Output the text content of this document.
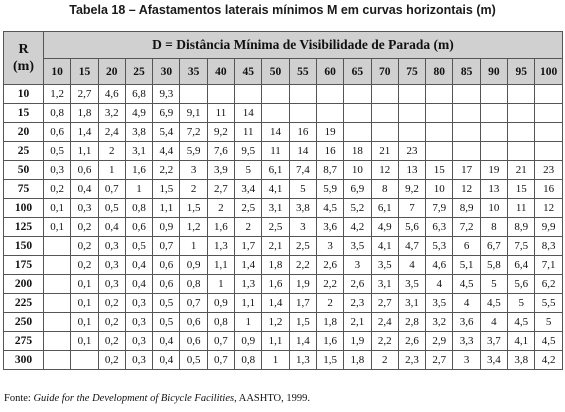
Tabela 18 – Afastamentos laterais mínimos M em curvas horizontais (m)
R
(m)	D = Distância Mínima de Visibilidade de Parada (m)																		
	10	15	20	25	30	35	40	45	50	55	60	65	70	75	80	85	90	95	100
10	1,2	2,7	4,6	6,8	9,3														
15	0,8	1,8	3,2	4,9	6,9	9,1	11	14											
20	0,6	1,4	2,4	3,8	5,4	7,2	9,2	11	14	16	19								
25	0,5	1,1	2	3,1	4,4	5,9	7,6	9,5	11	14	16	18	21	23					
50	0,3	0,6	1	1,6	2,2	3	3,9	5	6,1	7,4	8,7	10	12	13	15	17	19	21	23
75	0,2	0,4	0,7	1	1,5	2	2,7	3,4	4,1	5	5,9	6,9	8	9,2	10	12	13	15	16
100	0,1	0,3	0,5	0,8	1,1	1,5	2	2,5	3,1	3,8	4,5	5,2	6,1	7	7,9	8,9	10	11	12
125	0,1	0,2	0,4	0,6	0,9	1,2	1,6	2	2,5	3	3,6	4,2	4,9	5,6	6,3	7,2	8	8,9	9,9
150		0,2	0,3	0,5	0,7	1	1,3	1,7	2,1	2,5	3	3,5	4,1	4,7	5,3	6	6,7	7,5	8,3
175		0,2	0,3	0,4	0,6	0,9	1,1	1,4	1,8	2,2	2,6	3	3,5	4	4,6	5,1	5,8	6,4	7,1
200		0,1	0,3	0,4	0,6	0,8	1	1,3	1,6	1,9	2,2	2,6	3,1	3,5	4	4,5	5	5,6	6,2
225		0,1	0,2	0,3	0,5	0,7	0,9	1,1	1,4	1,7	2	2,3	2,7	3,1	3,5	4	4,5	5	5,5
250		0,1	0,2	0,3	0,5	0,6	0,8	1	1,2	1,5	1,8	2,1	2,4	2,8	3,2	3,6	4	4,5	5
275		0,1	0,2	0,3	0,4	0,6	0,7	0,9	1,1	1,4	1,6	1,9	2,2	2,6	2,9	3,3	3,7	4,1	4,5
300			0,2	0,3	0,4	0,5	0,7	0,8	1	1,3	1,5	1,8	2	2,3	2,7	3	3,4	3,8	4,2
Fonte: Guide for the Development of Bicycle Facilities, AASHTO, 1999.
